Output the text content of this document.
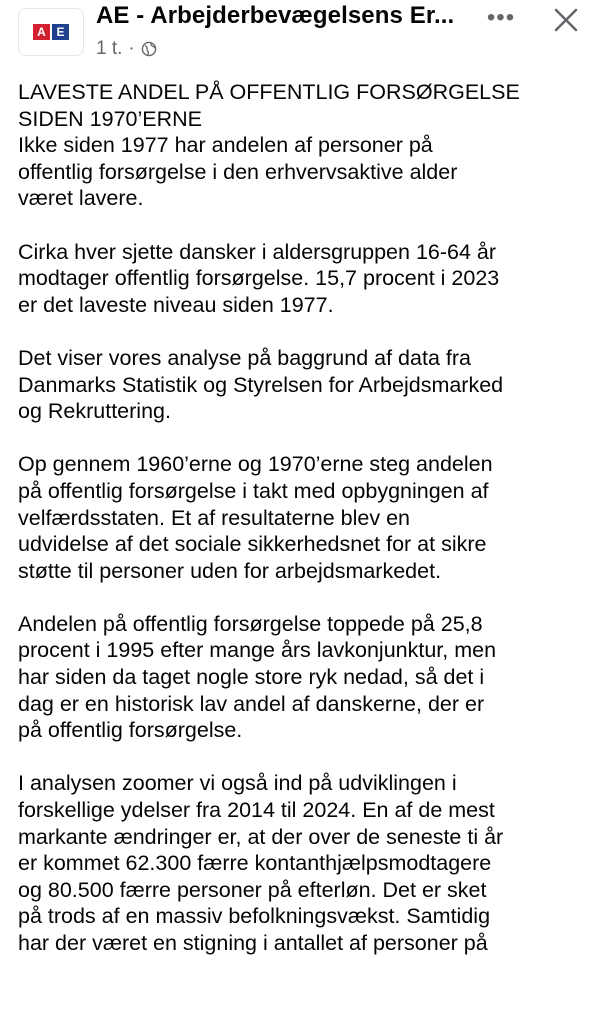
A E
AE - Arbejderbevægelsens Er...
1 t. ·
•••

LAVESTE ANDEL PÅ OFFENTLIG FORSØRGELSE
SIDEN 1970’ERNE
Ikke siden 1977 har andelen af personer på
offentlig forsørgelse i den erhvervsaktive alder
været lavere.

Cirka hver sjette dansker i aldersgruppen 16-64 år
modtager offentlig forsørgelse. 15,7 procent i 2023
er det laveste niveau siden 1977.

Det viser vores analyse på baggrund af data fra
Danmarks Statistik og Styrelsen for Arbejdsmarked
og Rekruttering.

Op gennem 1960’erne og 1970’erne steg andelen
på offentlig forsørgelse i takt med opbygningen af
velfærdsstaten. Et af resultaterne blev en
udvidelse af det sociale sikkerhedsnet for at sikre
støtte til personer uden for arbejdsmarkedet.

Andelen på offentlig forsørgelse toppede på 25,8
procent i 1995 efter mange års lavkonjunktur, men
har siden da taget nogle store ryk nedad, så det i
dag er en historisk lav andel af danskerne, der er
på offentlig forsørgelse.

I analysen zoomer vi også ind på udviklingen i
forskellige ydelser fra 2014 til 2024. En af de mest
markante ændringer er, at der over de seneste ti år
er kommet 62.300 færre kontanthjælpsmodtagere
og 80.500 færre personer på efterløn. Det er sket
på trods af en massiv befolkningsvækst. Samtidig
har der været en stigning i antallet af personer på
